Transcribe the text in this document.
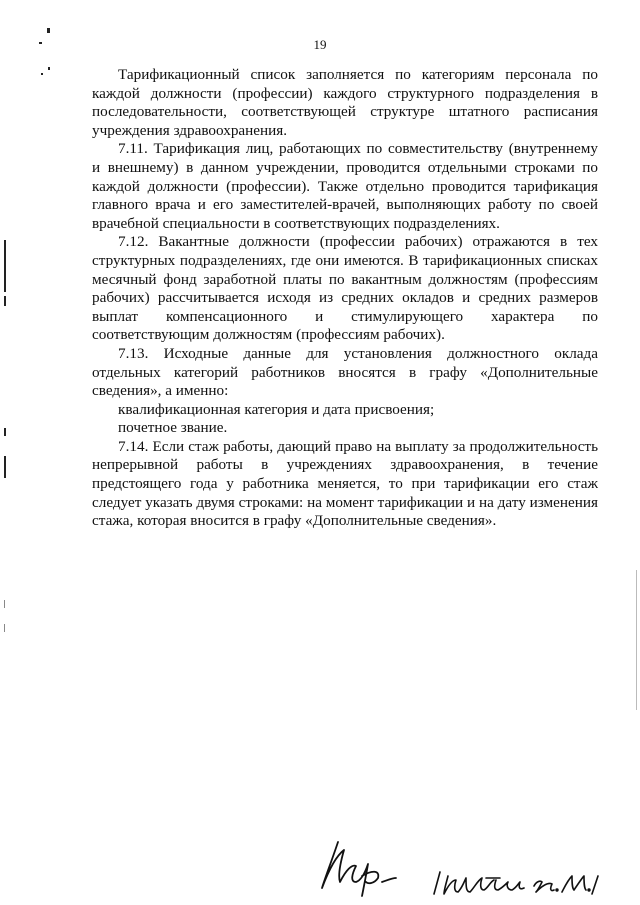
19

Тарификационный список заполняется по категориям персонала по каждой должности (профессии) каждого структурного подразделения в последовательности, соответствующей структуре штатного расписания учреждения здравоохранения.

7.11. Тарификация лиц, работающих по совместительству (внутреннему и внешнему) в данном учреждении, проводится отдельными строками по каждой должности (профессии). Также отдельно проводится тарификация главного врача и его заместителей-врачей, выполняющих работу по своей врачебной специальности в соответствующих подразделениях.

7.12. Вакантные должности (профессии рабочих) отражаются в тех структурных подразделениях, где они имеются. В тарификационных списках месячный фонд заработной платы по вакантным должностям (профессиям рабочих) рассчитывается исходя из средних окладов и средних размеров выплат компенсационного и стимулирующего характера по соответствующим должностям (профессиям рабочих).

7.13. Исходные данные для установления должностного оклада отдельных категорий работников вносятся в графу «Дополнительные сведения», а именно:

квалификационная категория и дата присвоения;

почетное звание.

7.14. Если стаж работы, дающий право на выплату за продолжительность непрерывной работы в учреждениях здравоохранения, в течение предстоящего года у работника меняется, то при тарификации его стаж следует указать двумя строками: на момент тарификации и на дату изменения стажа, которая вносится в графу «Дополнительные сведения».
